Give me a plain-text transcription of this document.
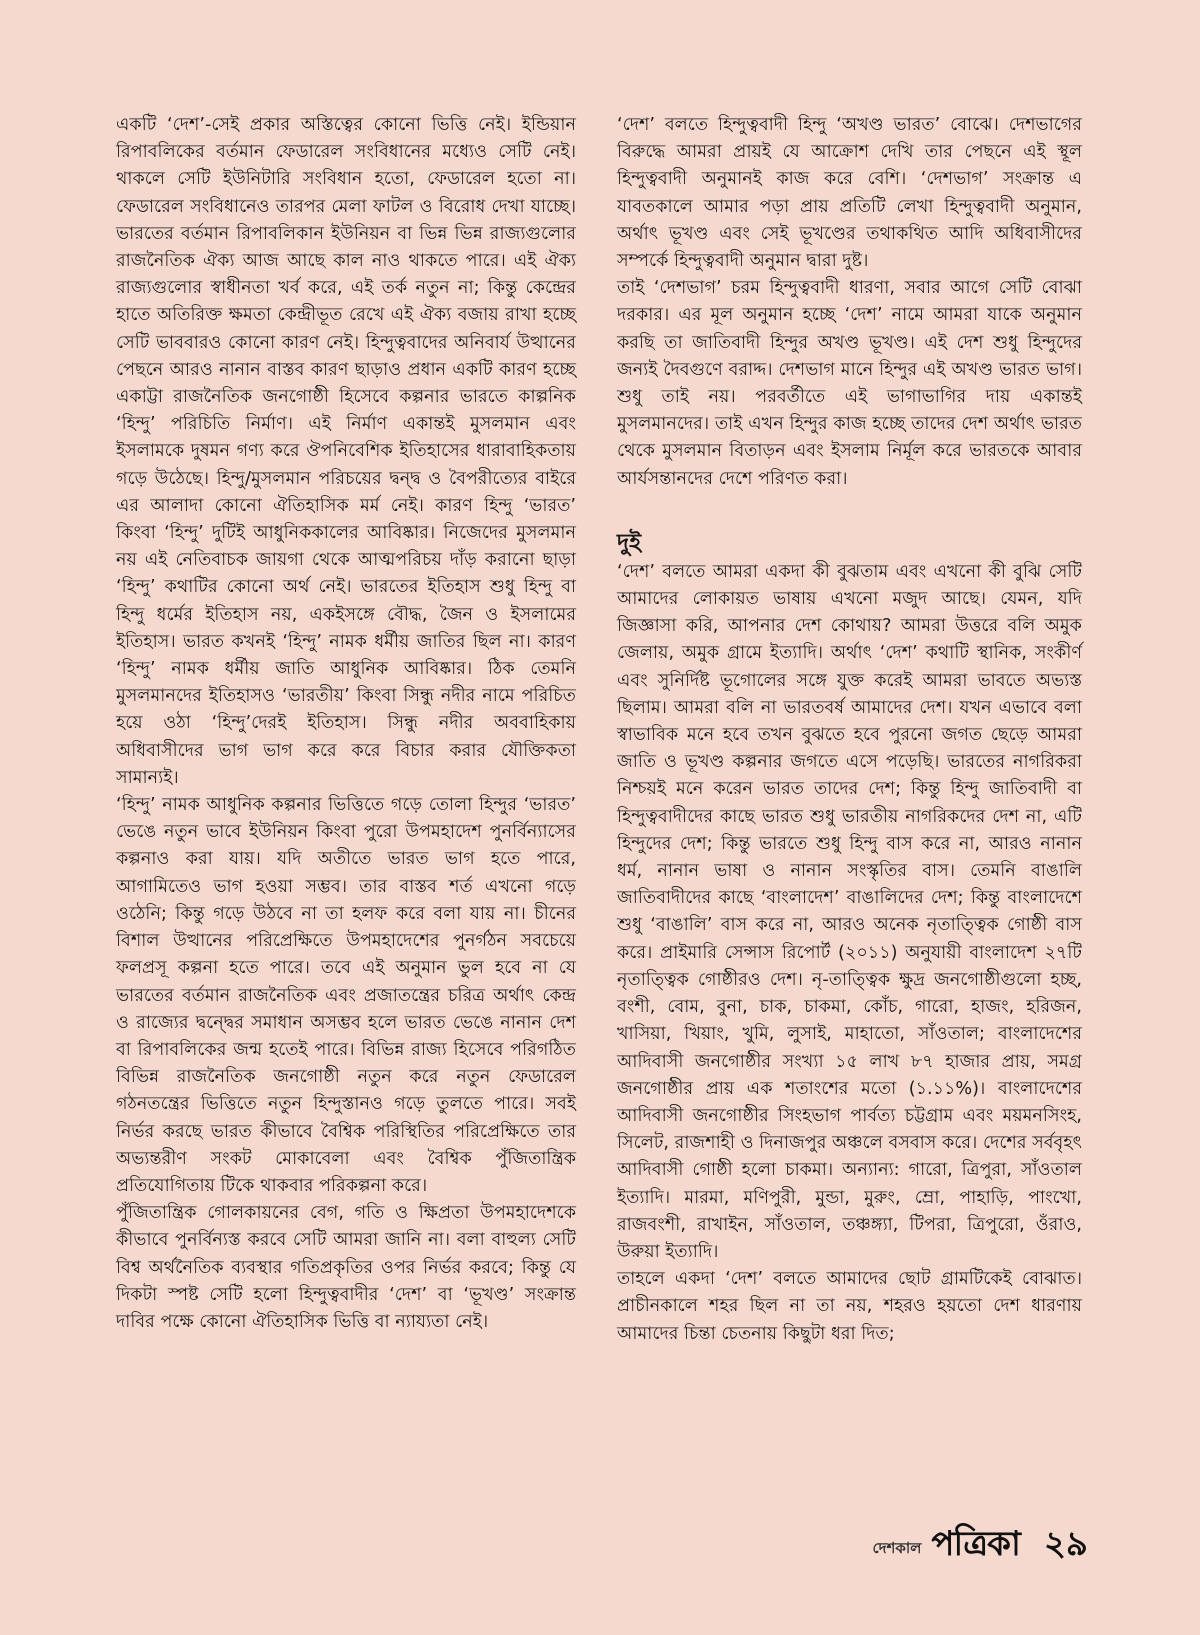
একটি ‘দেশ’-সেই প্রকার অস্তিত্বের কোনো ভিত্তি নেই। ইন্ডিয়ান রিপাবলিকের বর্তমান ফেডারেল সংবিধানের মধ্যেও সেটি নেই। থাকলে সেটি ইউনিটারি সংবিধান হতো, ফেডারেল হতো না। ফেডারেল সংবিধানেও তারপর মেলা ফাটল ও বিরোধ দেখা যাচ্ছে। ভারতের বর্তমান রিপাবলিকান ইউনিয়ন বা ভিন্ন ভিন্ন রাজ্যগুলোর রাজনৈতিক ঐক্য আজ আছে কাল নাও থাকতে পারে। এই ঐক্য রাজ্যগুলোর স্বাধীনতা খর্ব করে, এই তর্ক নতুন না; কিন্তু কেন্দ্রের হাতে অতিরিক্ত ক্ষমতা কেন্দ্রীভূত রেখে এই ঐক্য বজায় রাখা হচ্ছে সেটি ভাববারও কোনো কারণ নেই। হিন্দুত্ববাদের অনিবার্য উত্থানের পেছনে আরও নানান বাস্তব কারণ ছাড়াও প্রধান একটি কারণ হচ্ছে একাট্টা রাজনৈতিক জনগোষ্ঠী হিসেবে কল্পনার ভারতে কাল্পনিক ‘হিন্দু’ পরিচিতি নির্মাণ। এই নির্মাণ একান্তই মুসলমান এবং ইসলামকে দুষমন গণ্য করে ঔপনিবেশিক ইতিহাসের ধারাবাহিকতায় গড়ে উঠেছে। হিন্দু/মুসলমান পরিচয়ের দ্বন্দ্ব ও বৈপরীত্যের বাইরে এর আলাদা কোনো ঐতিহাসিক মর্ম নেই। কারণ হিন্দু ‘ভারত’ কিংবা ‘হিন্দু’ দুটিই আধুনিককালের আবিষ্কার। নিজেদের মুসলমান নয় এই নেতিবাচক জায়গা থেকে আত্মপরিচয় দাঁড় করানো ছাড়া ‘হিন্দু’ কথাটির কোনো অর্থ নেই। ভারতের ইতিহাস শুধু হিন্দু বা হিন্দু ধর্মের ইতিহাস নয়, একইসঙ্গে বৌদ্ধ, জৈন ও ইসলামের ইতিহাস। ভারত কখনই ‘হিন্দু’ নামক ধর্মীয় জাতির ছিল না। কারণ ‘হিন্দু’ নামক ধর্মীয় জাতি আধুনিক আবিষ্কার। ঠিক তেমনি মুসলমানদের ইতিহাসও ‘ভারতীয়’ কিংবা সিন্ধু নদীর নামে পরিচিত হয়ে ওঠা ‘হিন্দু’দেরই ইতিহাস। সিন্ধু নদীর অববাহিকায় অধিবাসীদের ভাগ ভাগ করে করে বিচার করার যৌক্তিকতা সামান্যই।

‘হিন্দু’ নামক আধুনিক কল্পনার ভিত্তিতে গড়ে তোলা হিন্দুর ‘ভারত’ ভেঙে নতুন ভাবে ইউনিয়ন কিংবা পুরো উপমহাদেশ পুনর্বিন্যাসের কল্পনাও করা যায়। যদি অতীতে ভারত ভাগ হতে পারে, আগামিতেও ভাগ হওয়া সম্ভব। তার বাস্তব শর্ত এখনো গড়ে ওঠেনি; কিন্তু গড়ে উঠবে না তা হলফ করে বলা যায় না। চীনের বিশাল উত্থানের পরিপ্রেক্ষিতে উপমহাদেশের পুনর্গঠন সবচেয়ে ফলপ্রসূ কল্পনা হতে পারে। তবে এই অনুমান ভুল হবে না যে ভারতের বর্তমান রাজনৈতিক এবং প্রজাতন্ত্রের চরিত্র অর্থাৎ কেন্দ্র ও রাজ্যের দ্বন্দ্বের সমাধান অসম্ভব হলে ভারত ভেঙে নানান দেশ বা রিপাবলিকের জন্ম হতেই পারে। বিভিন্ন রাজ্য হিসেবে পরিগঠিত বিভিন্ন রাজনৈতিক জনগোষ্ঠী নতুন করে নতুন ফেডারেল গঠনতন্ত্রের ভিত্তিতে নতুন হিন্দুস্তানও গড়ে তুলতে পারে। সবই নির্ভর করছে ভারত কীভাবে বৈশ্বিক পরিস্থিতির পরিপ্রেক্ষিতে তার অভ্যন্তরীণ সংকট মোকাবেলা এবং বৈশ্বিক পুঁজিতান্ত্রিক প্রতিযোগিতায় টিকে থাকবার পরিকল্পনা করে।

পুঁজিতান্ত্রিক গোলকায়নের বেগ, গতি ও ক্ষিপ্রতা উপমহাদেশকে কীভাবে পুনর্বিন্যস্ত করবে সেটি আমরা জানি না। বলা বাহুল্য সেটি বিশ্ব অর্থনৈতিক ব্যবস্থার গতিপ্রকৃতির ওপর নির্ভর করবে; কিন্তু যে দিকটা স্পষ্ট সেটি হলো হিন্দুত্ববাদীর ‘দেশ’ বা ‘ভূখণ্ড’ সংক্রান্ত দাবির পক্ষে কোনো ঐতিহাসিক ভিত্তি বা ন্যায্যতা নেই।

‘দেশ’ বলতে হিন্দুত্ববাদী হিন্দু ‘অখণ্ড ভারত’ বোঝে। দেশভাগের বিরুদ্ধে আমরা প্রায়ই যে আক্রোশ দেখি তার পেছনে এই স্থূল হিন্দুত্ববাদী অনুমানই কাজ করে বেশি। ‘দেশভাগ’ সংক্রান্ত এ যাবতকালে আমার পড়া প্রায় প্রতিটি লেখা হিন্দুত্ববাদী অনুমান, অর্থাৎ ভূখণ্ড এবং সেই ভূখণ্ডের তথাকথিত আদি অধিবাসীদের সম্পর্কে হিন্দুত্ববাদী অনুমান দ্বারা দুষ্ট।

তাই ‘দেশভাগ’ চরম হিন্দুত্ববাদী ধারণা, সবার আগে সেটি বোঝা দরকার। এর মূল অনুমান হচ্ছে ‘দেশ’ নামে আমরা যাকে অনুমান করছি তা জাতিবাদী হিন্দুর অখণ্ড ভূখণ্ড। এই দেশ শুধু হিন্দুদের জন্যই দৈবগুণে বরাদ্দ। দেশভাগ মানে হিন্দুর এই অখণ্ড ভারত ভাগ। শুধু তাই নয়। পরবর্তীতে এই ভাগাভাগির দায় একান্তই মুসলমানদের। তাই এখন হিন্দুর কাজ হচ্ছে তাদের দেশ অর্থাৎ ভারত থেকে মুসলমান বিতাড়ন এবং ইসলাম নির্মূল করে ভারতকে আবার আর্যসন্তানদের দেশে পরিণত করা।

দুই

‘দেশ’ বলতে আমরা একদা কী বুঝতাম এবং এখনো কী বুঝি সেটি আমাদের লোকায়ত ভাষায় এখনো মজুদ আছে। যেমন, যদি জিজ্ঞাসা করি, আপনার দেশ কোথায়? আমরা উত্তরে বলি অমুক জেলায়, অমুক গ্রামে ইত্যাদি। অর্থাৎ ‘দেশ’ কথাটি স্থানিক, সংকীর্ণ এবং সুনির্দিষ্ট ভূগোলের সঙ্গে যুক্ত করেই আমরা ভাবতে অভ্যস্ত ছিলাম। আমরা বলি না ভারতবর্ষ আমাদের দেশ। যখন এভাবে বলা স্বাভাবিক মনে হবে তখন বুঝতে হবে পুরনো জগত ছেড়ে আমরা জাতি ও ভূখণ্ড কল্পনার জগতে এসে পড়েছি। ভারতের নাগরিকরা নিশ্চয়ই মনে করেন ভারত তাদের দেশ; কিন্তু হিন্দু জাতিবাদী বা হিন্দুত্ববাদীদের কাছে ভারত শুধু ভারতীয় নাগরিকদের দেশ না, এটি হিন্দুদের দেশ; কিন্তু ভারতে শুধু হিন্দু বাস করে না, আরও নানান ধর্ম, নানান ভাষা ও নানান সংস্কৃতির বাস। তেমনি বাঙালি জাতিবাদীদের কাছে ‘বাংলাদেশ’ বাঙালিদের দেশ; কিন্তু বাংলাদেশে শুধু ‘বাঙালি’ বাস করে না, আরও অনেক নৃতাত্ত্বিক গোষ্ঠী বাস করে। প্রাইমারি সেন্সাস রিপোর্ট (২০১১) অনুযায়ী বাংলাদেশ ২৭টি নৃতাত্ত্বিক গোষ্ঠীরও দেশ। নৃ-তাত্ত্বিক ক্ষুদ্র জনগোষ্ঠীগুলো হচ্ছ, বংশী, বোম, বুনা, চাক, চাকমা, কোঁচ, গারো, হাজং, হরিজন, খাসিয়া, খিয়াং, খুমি, লুসাই, মাহাতো, সাঁওতাল; বাংলাদেশের আদিবাসী জনগোষ্ঠীর সংখ্যা ১৫ লাখ ৮৭ হাজার প্রায়, সমগ্র জনগোষ্ঠীর প্রায় এক শতাংশের মতো (১.১১%)। বাংলাদেশের আদিবাসী জনগোষ্ঠীর সিংহভাগ পার্বত্য চট্টগ্রাম এবং ময়মনসিংহ, সিলেট, রাজশাহী ও দিনাজপুর অঞ্চলে বসবাস করে। দেশের সর্ববৃহৎ আদিবাসী গোষ্ঠী হলো চাকমা। অন্যান্য: গারো, ত্রিপুরা, সাঁওতাল ইত্যাদি। মারমা, মণিপুরী, মুন্ডা, মুরুং, ম্রো, পাহাড়ি, পাংখো, রাজবংশী, রাখাইন, সাঁওতাল, তঞ্চঙ্গ্যা, টিপরা, ত্রিপুরো, ওঁরাও, উরুয়া ইত্যাদি।

তাহলে একদা ‘দেশ’ বলতে আমাদের ছোট গ্রামটিকেই বোঝাত। প্রাচীনকালে শহর ছিল না তা নয়, শহরও হয়তো দেশ ধারণায় আমাদের চিন্তা চেতনায় কিছুটা ধরা দিত;

দেশকাল পত্রিকা ২৯
